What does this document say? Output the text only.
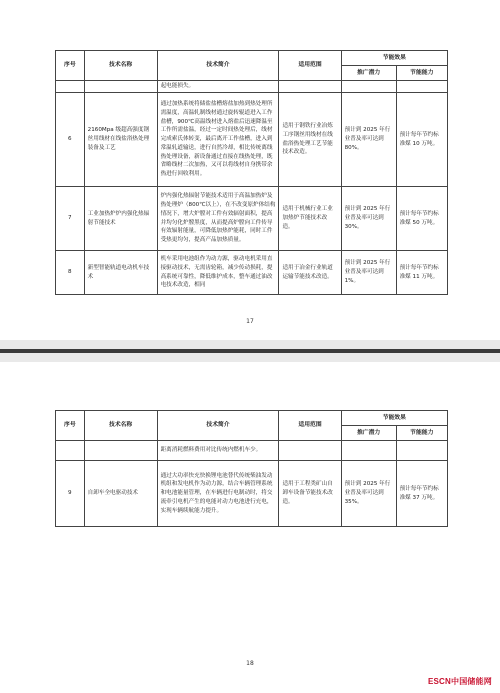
序号	技术名称	技术简介	适用范围	节能效果	
				推广潜力	节能能力
		起电能损失。			
6	2160Mpa 级超高强度钢丝用线材在线盐浴热处理装备及工艺	通过加热系统将储盐盐槽熔盐加热到热处理所需温度，高温轧制线材通过旋转辊道进入工作盐槽，900℃高温线材进入熔盐后迅速降温至工作所需盐温，经过一定时间热处理后，线材完成索氏体转变，最后离开工作盐槽，进入到常温轧道输送，进行自然冷却，相比传统离线热处理设备，新设备通过直接在线热处理，既省略线材二次加热，又可以将线材自身携带余热进行回收利用。	适用于钢铁行业冶炼工序钢丝用线材在线盐浴热处理工艺节能技术改造。	预计到 2025 年行业普及率可达到 80%。	预计每年节约标准煤 10 万吨。
7	工业加热炉炉内强化热辐射节能技术	炉内强化热辐射节能技术适用于高温加热炉及热处理炉（800℃以上），在不改变原炉体结构情况下，增大炉膛对工件有效辐射面积，提高并均匀化炉膛黑度，从而提高炉膛向工件传导有效辐射能量，可降低加热炉能耗，同时工件受热更均匀，提高产品加热质量。	适用于机械行业工业加热炉节能技术改造。	预计到 2025 年行业普及率可达到 30%。	预计每年节约标准煤 50 万吨。
8	新型智能轨道电动机车技术	机车采用电池组作为动力源，驱动电机采用直接驱动技术，无需齿轮箱，减少传动损耗，提高系统可靠性，降低维护成本，整车通过油改电技术改造，相同	适用于冶金行业轨道运输节能技术改造。	预计到 2025 年行业普及率可达到 1%。	预计每年节约标准煤 11 万吨。
17
序号	技术名称	技术简介	适用范围	节能效果	
				推广潜力	节能能力
		距离消耗燃料费用对比传统内燃机车少。			
9	自卸车全电驱动技术	通过大功率快充快换锂电池替代传统柴油发动机组和发电机作为动力源，结合车辆管理系统和电池能量管理，在车辆进行电制动时，将交流牵引电机产生的电能对动力电池进行充电，实现车辆续航能力提升。	适用于工程类矿山自卸车设备节能技术改造。	预计到 2025 年行业普及率可达到 35%。	预计每年节约标准煤 37 万吨。
18
ESCN中国储能网
